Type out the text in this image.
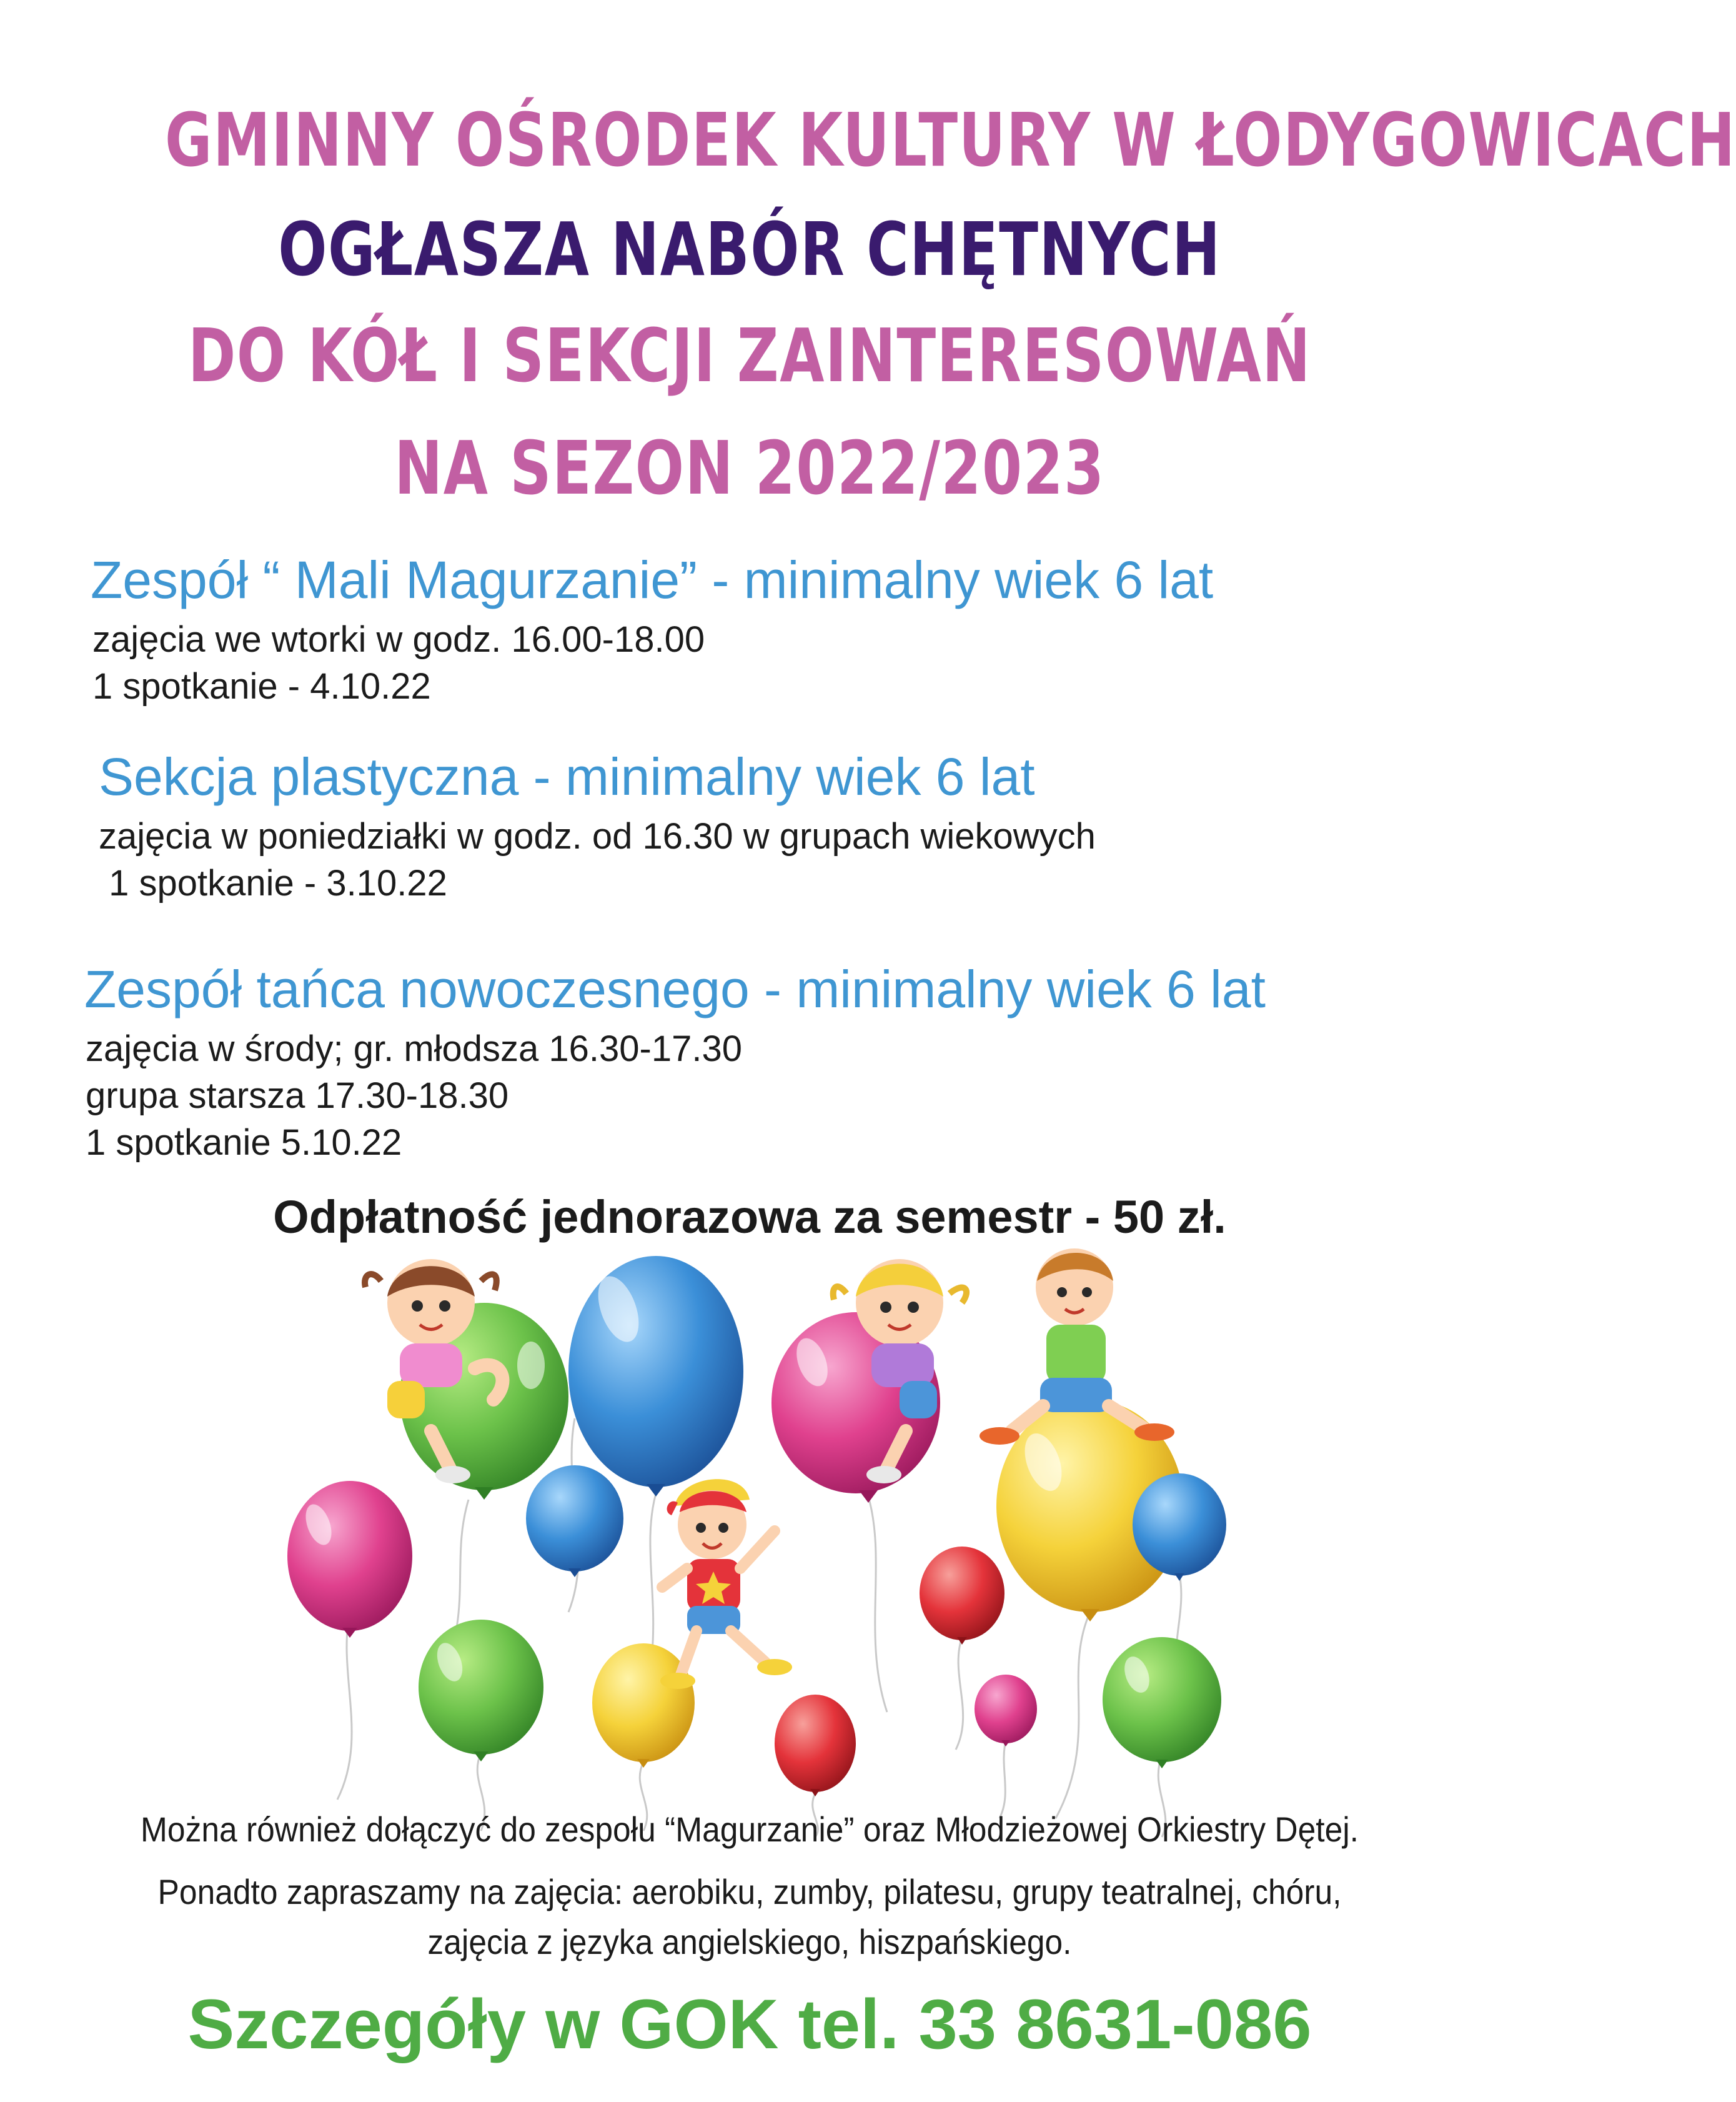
GMINNY OŚRODEK KULTURY W ŁODYGOWICACH
OGŁASZA NABÓR CHĘTNYCH
DO KÓŁ I SEKCJI ZAINTERESOWAŃ
NA SEZON 2022/2023
Zespół “ Mali Magurzanie” - minimalny wiek 6 lat
zajęcia we wtorki w godz. 16.00-18.00
1 spotkanie - 4.10.22
Sekcja plastyczna - minimalny wiek 6 lat
zajęcia w poniedziałki w godz. od 16.30 w grupach wiekowych
1 spotkanie - 3.10.22
Zespół tańca nowoczesnego - minimalny wiek 6 lat
zajęcia w środy; gr. młodsza 16.30-17.30
grupa starsza 17.30-18.30
1 spotkanie 5.10.22
Odpłatność jednorazowa za semestr - 50 zł.
Można również dołączyć do zespołu “Magurzanie” oraz Młodzieżowej Orkiestry Dętej.
Ponadto zapraszamy na zajęcia: aerobiku, zumby, pilatesu, grupy teatralnej, chóru,
zajęcia z języka angielskiego, hiszpańskiego.
Szczegóły w GOK tel. 33 8631-086
